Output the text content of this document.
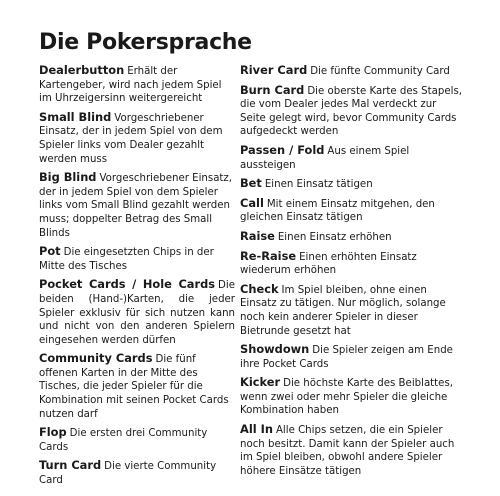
Die Pokersprache

Dealerbutton Erhält der Kartengeber, wird nach jedem Spiel im Uhrzeigersinn weitergereicht

Small Blind Vorgeschriebener Einsatz, der in jedem Spiel von dem Spieler links vom Dealer gezahlt werden muss

Big Blind Vorgeschriebener Einsatz, der in jedem Spiel von dem Spieler links vom Small Blind gezahlt werden muss; doppelter Betrag des Small Blinds

Pot Die eingesetzten Chips in der Mitte des Tisches

Pocket Cards / Hole Cards Die beiden (Hand-)Karten, die jeder Spieler exklusiv für sich nutzen kann und nicht von den anderen Spielern eingesehen werden dürfen

Community Cards Die fünf offenen Karten in der Mitte des Tisches, die jeder Spieler für die Kombination mit seinen Pocket Cards nutzen darf

Flop Die ersten drei Community Cards

Turn Card Die vierte Community Card

River Card Die fünfte Community Card

Burn Card Die oberste Karte des Stapels, die vom Dealer jedes Mal verdeckt zur Seite gelegt wird, bevor Community Cards aufgedeckt werden

Passen / Fold Aus einem Spiel aussteigen

Bet Einen Einsatz tätigen

Call Mit einem Einsatz mitgehen, den gleichen Einsatz tätigen

Raise Einen Einsatz erhöhen

Re-Raise Einen erhöhten Einsatz wiederum erhöhen

Check Im Spiel bleiben, ohne einen Einsatz zu tätigen. Nur möglich, solange noch kein anderer Spieler in dieser Bietrunde gesetzt hat

Showdown Die Spieler zeigen am Ende ihre Pocket Cards

Kicker Die höchste Karte des Beiblattes, wenn zwei oder mehr Spieler die gleiche Kombination haben

All In Alle Chips setzen, die ein Spieler noch besitzt. Damit kann der Spieler auch im Spiel bleiben, obwohl andere Spieler höhere Einsätze tätigen
